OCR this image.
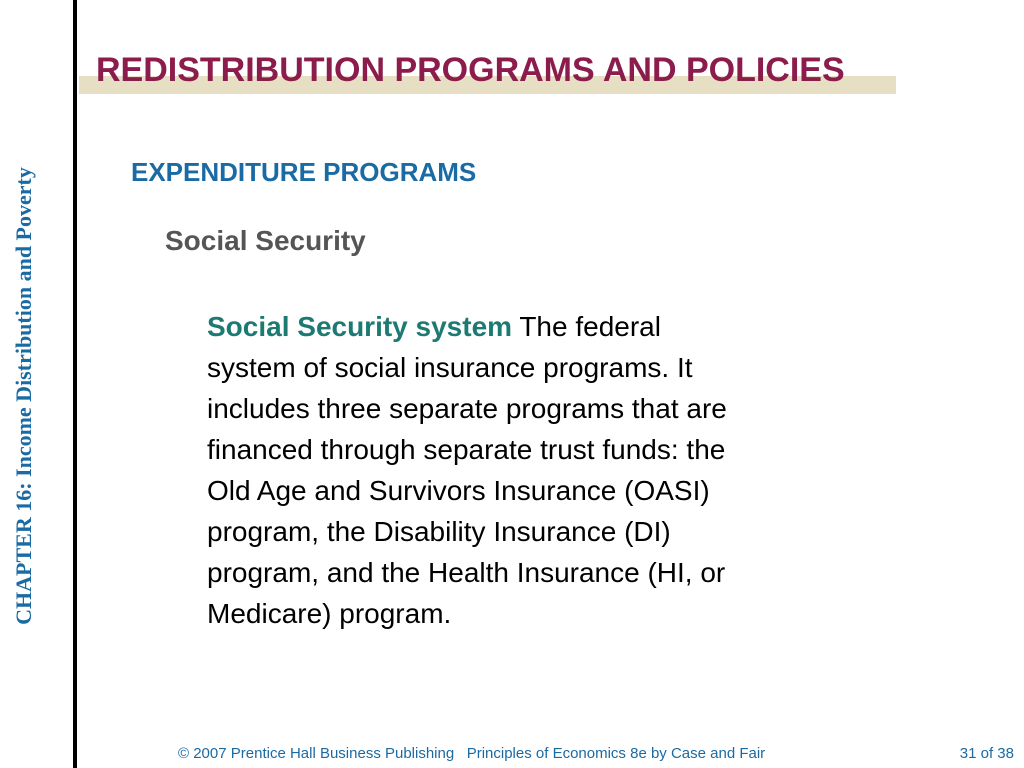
CHAPTER 16: Income Distribution and Poverty
REDISTRIBUTION PROGRAMS AND POLICIES
EXPENDITURE PROGRAMS
Social Security
Social Security system The federal
system of social insurance programs. It
includes three separate programs that are
financed through separate trust funds: the
Old Age and Survivors Insurance (OASI)
program, the Disability Insurance (DI)
program, and the Health Insurance (HI, or
Medicare) program.
© 2007 Prentice Hall Business Publishing   Principles of Economics 8e by Case and Fair	31 of 38
